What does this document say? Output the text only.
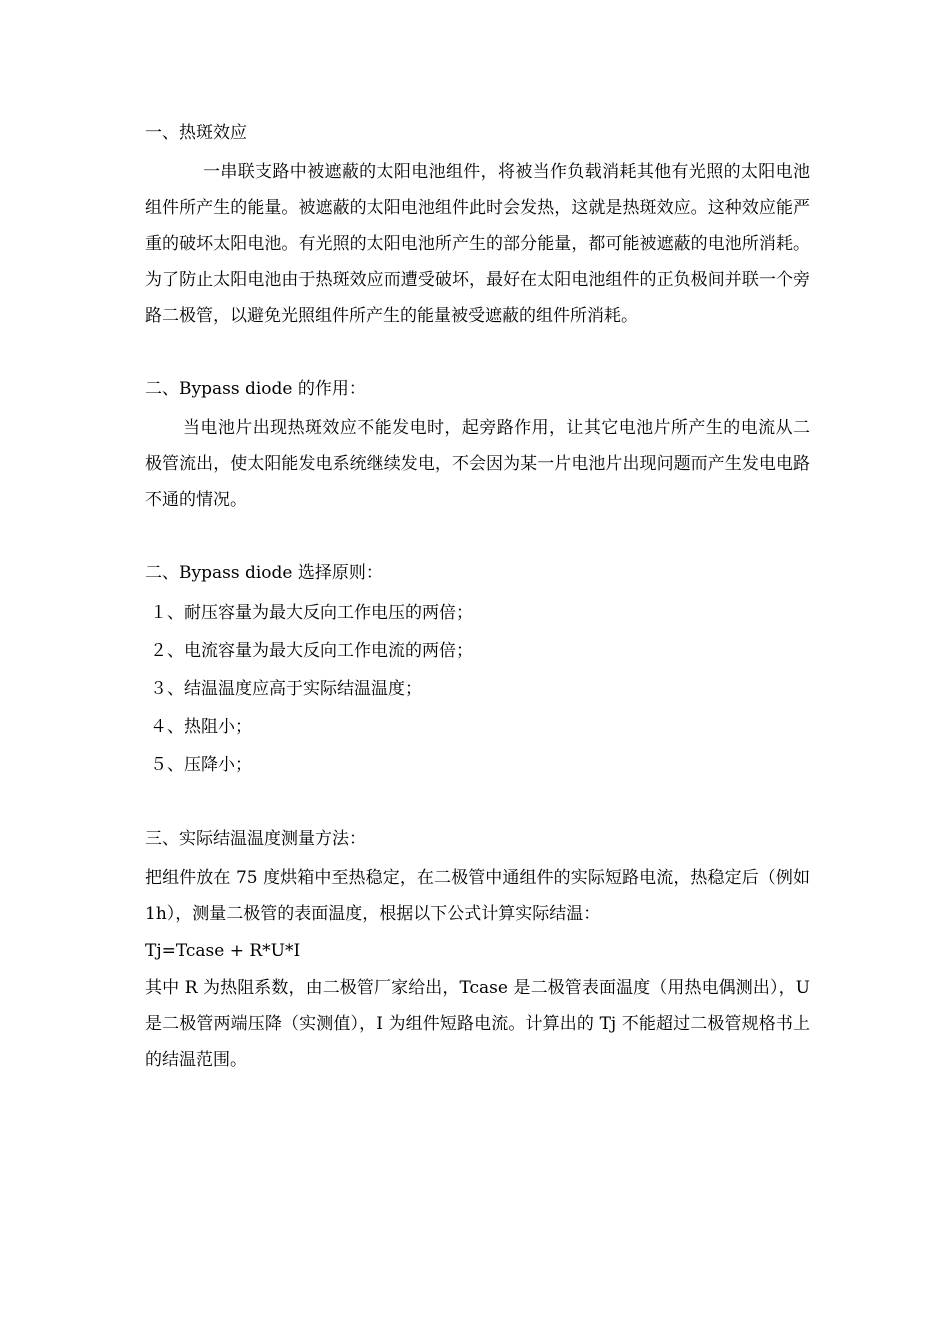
一、热斑效应

一串联支路中被遮蔽的太阳电池组件，将被当作负载消耗其他有光照的太阳电池组件所产生的能量。被遮蔽的太阳电池组件此时会发热，这就是热斑效应。这种效应能严重的破坏太阳电池。有光照的太阳电池所产生的部分能量，都可能被遮蔽的电池所消耗。为了防止太阳电池由于热斑效应而遭受破坏，最好在太阳电池组件的正负极间并联一个旁路二极管，以避免光照组件所产生的能量被受遮蔽的组件所消耗。

二、Bypass diode 的作用：

当电池片出现热斑效应不能发电时，起旁路作用，让其它电池片所产生的电流从二极管流出，使太阳能发电系统继续发电，不会因为某一片电池片出现问题而产生发电电路不通的情况。

二、Bypass diode 选择原则：

１、耐压容量为最大反向工作电压的两倍；
２、电流容量为最大反向工作电流的两倍；
３、结温温度应高于实际结温温度；
４、热阻小；
５、压降小；

三、实际结温温度测量方法：

把组件放在 75 度烘箱中至热稳定，在二极管中通组件的实际短路电流，热稳定后（例如 1h），测量二极管的表面温度，根据以下公式计算实际结温：

Tj=Tcase + R*U*I

其中 R 为热阻系数，由二极管厂家给出，Tcase 是二极管表面温度（用热电偶测出），U 是二极管两端压降（实测值），I 为组件短路电流。计算出的 Tj 不能超过二极管规格书上的结温范围。
